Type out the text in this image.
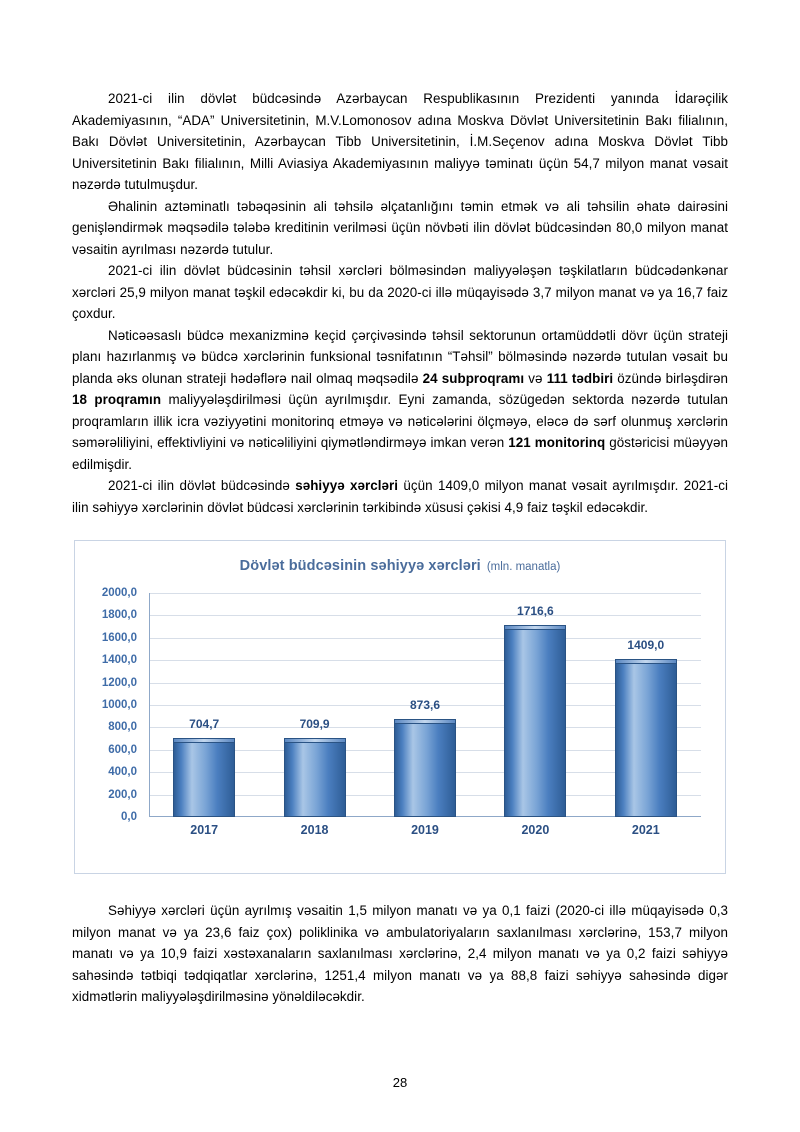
2021-ci ilin dövlət büdcəsində Azərbaycan Respublikasının Prezidenti yanında İdarəçilik Akademiyasının, “ADA” Universitetinin, M.V.Lomonosov adına Moskva Dövlət Universitetinin Bakı filialının, Bakı Dövlət Universitetinin, Azərbaycan Tibb Universitetinin, İ.M.Seçenov adına Moskva Dövlət Tibb Universitetinin Bakı filialının, Milli Aviasiya Akademiyasının maliyyə təminatı üçün 54,7 milyon manat vəsait nəzərdə tutulmuşdur.

Əhalinin aztəminatlı təbəqəsinin ali təhsilə əlçatanlığını təmin etmək və ali təhsilin əhatə dairəsini genişləndirmək məqsədilə tələbə kreditinin verilməsi üçün növbəti ilin dövlət büdcəsindən 80,0 milyon manat vəsaitin ayrılması nəzərdə tutulur.

2021-ci ilin dövlət büdcəsinin təhsil xərcləri bölməsindən maliyyələşən təşkilatların büdcədənkənar xərcləri 25,9 milyon manat təşkil edəcəkdir ki, bu da 2020-ci illə müqayisədə 3,7 milyon manat və ya 16,7 faiz çoxdur.

Nəticəəsaslı büdcə mexanizminə keçid çərçivəsində təhsil sektorunun ortamüddətli dövr üçün strateji planı hazırlanmış və büdcə xərclərinin funksional təsnifatının “Təhsil” bölməsində nəzərdə tutulan vəsait bu planda əks olunan strateji hədəflərə nail olmaq məqsədilə 24 subproqramı və 111 tədbiri özündə birləşdirən 18 proqramın maliyyələşdirilməsi üçün ayrılmışdır. Eyni zamanda, sözügedən sektorda nəzərdə tutulan proqramların illik icra vəziyyətini monitorinq etməyə və nəticələrini ölçməyə, eləcə də sərf olunmuş xərclərin səmərəliliyini, effektivliyini və nəticəliliyini qiymətləndirməyə imkan verən 121 monitorinq göstəricisi müəyyən edilmişdir.

2021-ci ilin dövlət büdcəsində səhiyyə xərcləri üçün 1409,0 milyon manat vəsait ayrılmışdır. 2021-ci ilin səhiyyə xərclərinin dövlət büdcəsi xərclərinin tərkibində xüsusi çəkisi 4,9 faiz təşkil edəcəkdir.

Dövlət büdcəsinin səhiyyə xərcləri (mln. manatla)
0,0
200,0
400,0
600,0
800,0
1000,0
1200,0
1400,0
1600,0
1800,0
2000,0
704,7	709,9
873,6
1716,6
1409,0
2017	2018	2019	2020	2021

Səhiyyə xərcləri üçün ayrılmış vəsaitin 1,5 milyon manatı və ya 0,1 faizi (2020-ci illə müqayisədə 0,3 milyon manat və ya 23,6 faiz çox) poliklinika və ambulatoriyaların saxlanılması xərclərinə, 153,7 milyon manatı və ya 10,9 faizi xəstəxanaların saxlanılması xərclərinə, 2,4 milyon manatı və ya 0,2 faizi səhiyyə sahəsində tətbiqi tədqiqatlar xərclərinə, 1251,4 milyon manatı və ya 88,8 faizi səhiyyə sahəsində digər xidmətlərin maliyyələşdirilməsinə yönəldiləcəkdir.

28
